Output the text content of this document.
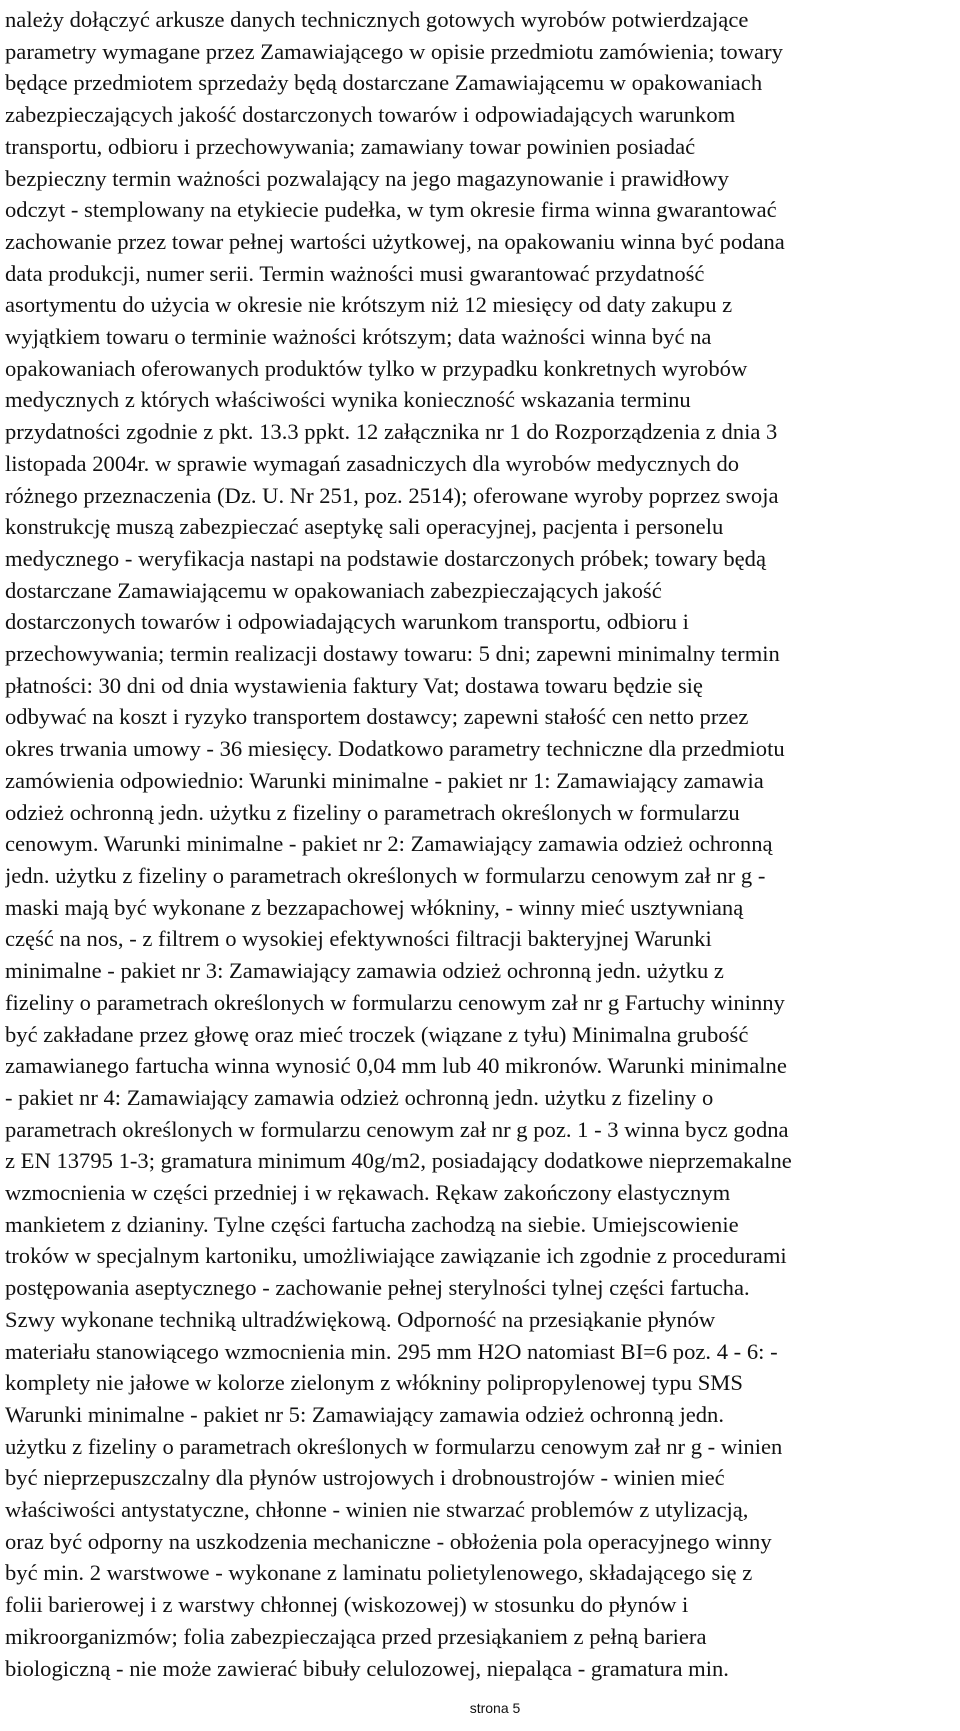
należy dołączyć arkusze danych technicznych gotowych wyrobów potwierdzające
parametry wymagane przez Zamawiającego w opisie przedmiotu zamówienia; towary
będące przedmiotem sprzedaży będą dostarczane Zamawiającemu w opakowaniach
zabezpieczających jakość dostarczonych towarów i odpowiadających warunkom
transportu, odbioru i przechowywania; zamawiany towar powinien posiadać
bezpieczny termin ważności pozwalający na jego magazynowanie i prawidłowy
odczyt - stemplowany na etykiecie pudełka, w tym okresie firma winna gwarantować
zachowanie przez towar pełnej wartości użytkowej, na opakowaniu winna być podana
data produkcji, numer serii. Termin ważności musi gwarantować przydatność
asortymentu do użycia w okresie nie krótszym niż 12 miesięcy od daty zakupu z
wyjątkiem towaru o terminie ważności krótszym; data ważności winna być na
opakowaniach oferowanych produktów tylko w przypadku konkretnych wyrobów
medycznych z których właściwości wynika konieczność wskazania terminu
przydatności zgodnie z pkt. 13.3 ppkt. 12 załącznika nr 1 do Rozporządzenia z dnia 3
listopada 2004r. w sprawie wymagań zasadniczych dla wyrobów medycznych do
różnego przeznaczenia (Dz. U. Nr 251, poz. 2514); oferowane wyroby poprzez swoja
konstrukcję muszą zabezpieczać aseptykę sali operacyjnej, pacjenta i personelu
medycznego - weryfikacja nastapi na podstawie dostarczonych próbek; towary będą
dostarczane Zamawiającemu w opakowaniach zabezpieczających jakość
dostarczonych towarów i odpowiadających warunkom transportu, odbioru i
przechowywania; termin realizacji dostawy towaru: 5 dni; zapewni minimalny termin
płatności: 30 dni od dnia wystawienia faktury Vat; dostawa towaru będzie się
odbywać na koszt i ryzyko transportem dostawcy; zapewni stałość cen netto przez
okres trwania umowy - 36 miesięcy. Dodatkowo parametry techniczne dla przedmiotu
zamówienia odpowiednio: Warunki minimalne - pakiet nr 1: Zamawiający zamawia
odzież ochronną jedn. użytku z fizeliny o parametrach określonych w formularzu
cenowym. Warunki minimalne - pakiet nr 2: Zamawiający zamawia odzież ochronną
jedn. użytku z fizeliny o parametrach określonych w formularzu cenowym zał nr g -
maski mają być wykonane z bezzapachowej włókniny, - winny mieć usztywnianą
część na nos, - z filtrem o wysokiej efektywności filtracji bakteryjnej Warunki
minimalne - pakiet nr 3: Zamawiający zamawia odzież ochronną jedn. użytku z
fizeliny o parametrach określonych w formularzu cenowym zał nr g Fartuchy wininny
być zakładane przez głowę oraz mieć troczek (wiązane z tyłu) Minimalna grubość
zamawianego fartucha winna wynosić 0,04 mm lub 40 mikronów. Warunki minimalne
- pakiet nr 4: Zamawiający zamawia odzież ochronną jedn. użytku z fizeliny o
parametrach określonych w formularzu cenowym zał nr g poz. 1 - 3 winna bycz godna
z EN 13795 1-3; gramatura minimum 40g/m2, posiadający dodatkowe nieprzemakalne
wzmocnienia w części przedniej i w rękawach. Rękaw zakończony elastycznym
mankietem z dzianiny. Tylne części fartucha zachodzą na siebie. Umiejscowienie
troków w specjalnym kartoniku, umożliwiające zawiązanie ich zgodnie z procedurami
postępowania aseptycznego - zachowanie pełnej sterylności tylnej części fartucha.
Szwy wykonane techniką ultradźwiękową. Odporność na przesiąkanie płynów
materiału stanowiącego wzmocnienia min. 295 mm H2O natomiast BI=6 poz. 4 - 6: -
komplety nie jałowe w kolorze zielonym z włókniny polipropylenowej typu SMS
Warunki minimalne - pakiet nr 5: Zamawiający zamawia odzież ochronną jedn.
użytku z fizeliny o parametrach określonych w formularzu cenowym zał nr g - winien
być nieprzepuszczalny dla płynów ustrojowych i drobnoustrojów - winien mieć
właściwości antystatyczne, chłonne - winien nie stwarzać problemów z utylizacją,
oraz być odporny na uszkodzenia mechaniczne - obłożenia pola operacyjnego winny
być min. 2 warstwowe - wykonane z laminatu polietylenowego, składającego się z
folii barierowej i z warstwy chłonnej (wiskozowej) w stosunku do płynów i
mikroorganizmów; folia zabezpieczająca przed przesiąkaniem z pełną bariera
biologiczną - nie może zawierać bibuły celulozowej, niepaląca - gramatura min.
strona 5
